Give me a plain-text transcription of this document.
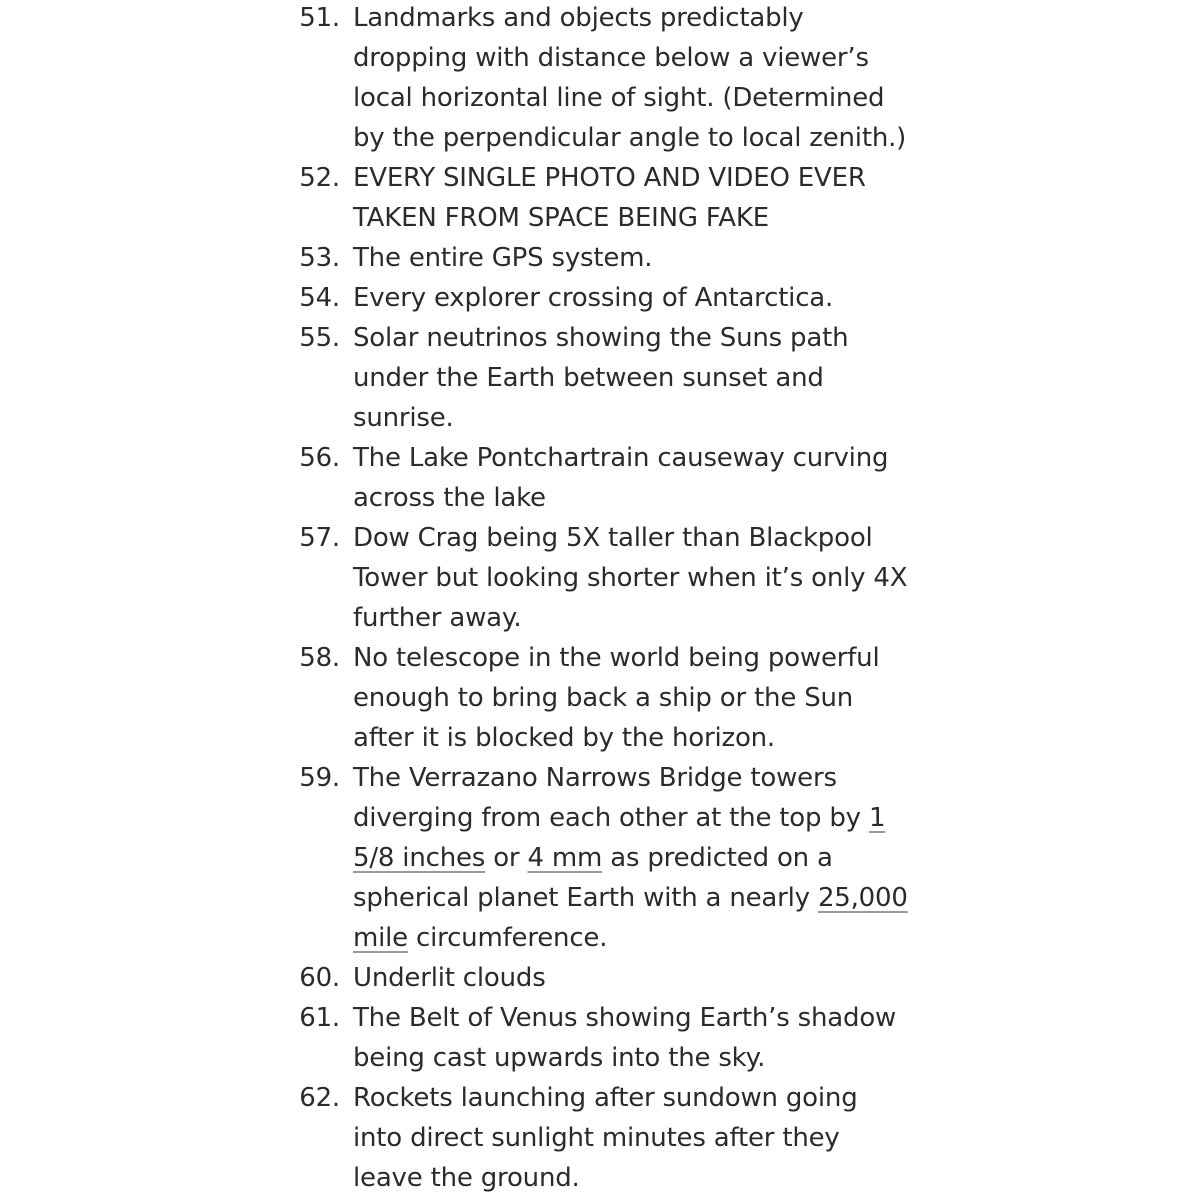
51. Landmarks and objects predictably dropping with distance below a viewer’s local horizontal line of sight. (Determined by the perpendicular angle to local zenith.)
52. EVERY SINGLE PHOTO AND VIDEO EVER TAKEN FROM SPACE BEING FAKE
53. The entire GPS system.
54. Every explorer crossing of Antarctica.
55. Solar neutrinos showing the Suns path under the Earth between sunset and sunrise.
56. The Lake Pontchartrain causeway curving across the lake
57. Dow Crag being 5X taller than Blackpool Tower but looking shorter when it’s only 4X further away.
58. No telescope in the world being powerful enough to bring back a ship or the Sun after it is blocked by the horizon.
59. The Verrazano Narrows Bridge towers diverging from each other at the top by 1 5/8 inches or 4 mm as predicted on a spherical planet Earth with a nearly 25,000 mile circumference.
60. Underlit clouds
61. The Belt of Venus showing Earth’s shadow being cast upwards into the sky.
62. Rockets launching after sundown going into direct sunlight minutes after they leave the ground.
